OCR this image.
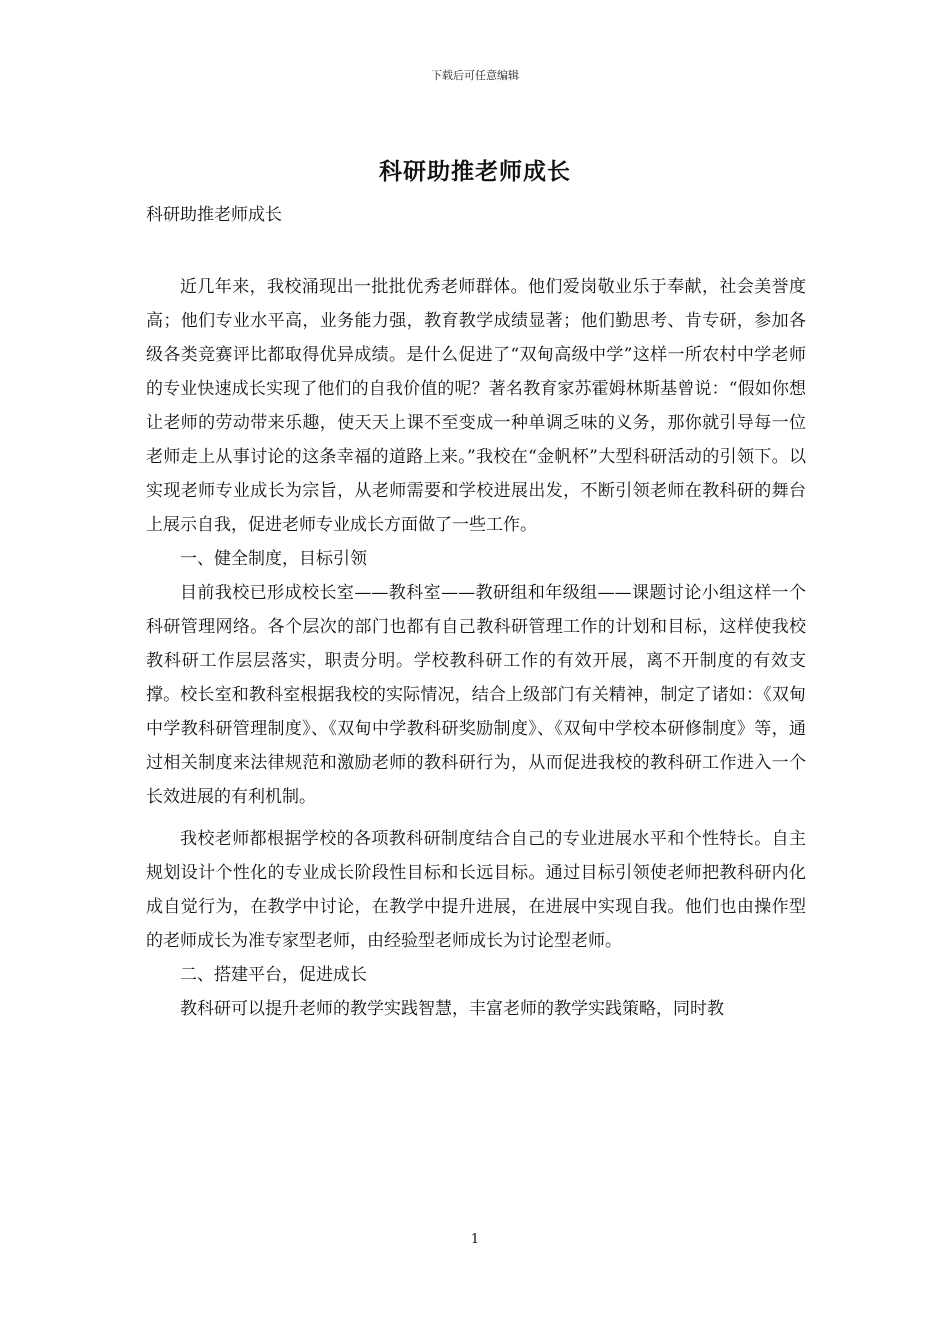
下载后可任意编辑
科研助推老师成长
科研助推老师成长

近几年来，我校涌现出一批批优秀老师群体。他们爱岗敬业乐于奉献，社会美誉度高；他们专业水平高，业务能力强，教育教学成绩显著；他们勤思考、肯专研，参加各级各类竞赛评比都取得优异成绩。是什么促进了“双甸高级中学”这样一所农村中学老师的专业快速成长实现了他们的自我价值的呢？著名教育家苏霍姆林斯基曾说：“假如你想让老师的劳动带来乐趣，使天天上课不至变成一种单调乏味的义务，那你就引导每一位老师走上从事讨论的这条幸福的道路上来。”我校在“金帆杯”大型科研活动的引领下。以实现老师专业成长为宗旨，从老师需要和学校进展出发，不断引领老师在教科研的舞台上展示自我，促进老师专业成长方面做了一些工作。

一、健全制度，目标引领

目前我校已形成校长室——教科室——教研组和年级组——课题讨论小组这样一个科研管理网络。各个层次的部门也都有自己教科研管理工作的计划和目标，这样使我校教科研工作层层落实，职责分明。学校教科研工作的有效开展，离不开制度的有效支撑。校长室和教科室根据我校的实际情况，结合上级部门有关精神，制定了诸如：《双甸中学教科研管理制度》、《双甸中学教科研奖励制度》、《双甸中学校本研修制度》等，通过相关制度来法律规范和激励老师的教科研行为，从而促进我校的教科研工作进入一个长效进展的有利机制。

我校老师都根据学校的各项教科研制度结合自己的专业进展水平和个性特长。自主规划设计个性化的专业成长阶段性目标和长远目标。通过目标引领使老师把教科研内化成自觉行为，在教学中讨论，在教学中提升进展，在进展中实现自我。他们也由操作型的老师成长为准专家型老师，由经验型老师成长为讨论型老师。

二、搭建平台，促进成长

教科研可以提升老师的教学实践智慧，丰富老师的教学实践策略，同时教

1
